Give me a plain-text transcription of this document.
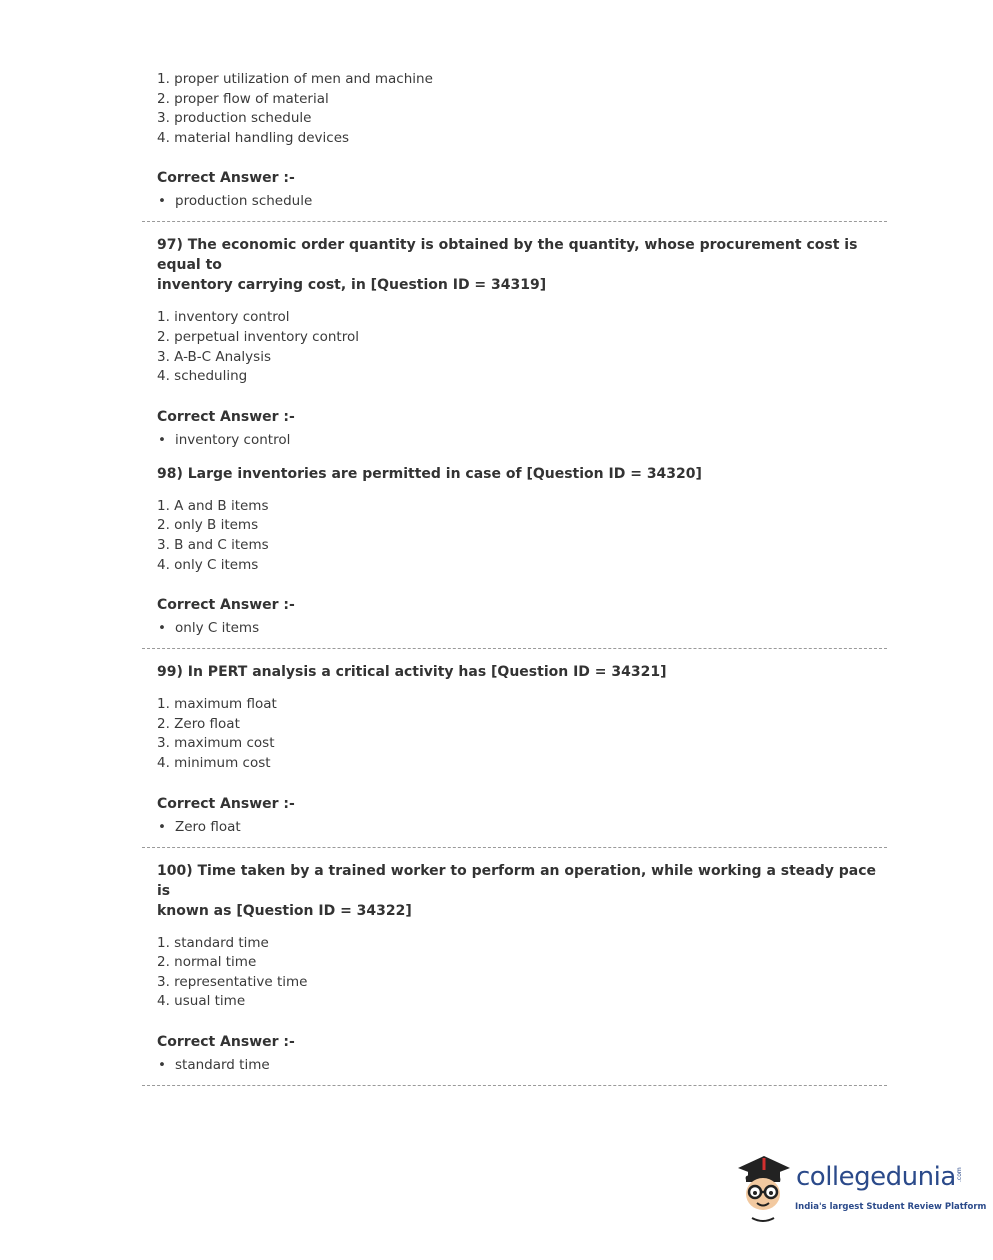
1. proper utilization of men and machine
2. proper flow of material
3. production schedule
4. material handling devices
Correct Answer :-
• production schedule
97) The economic order quantity is obtained by the quantity, whose procurement cost is equal to
inventory carrying cost, in [Question ID = 34319]
1. inventory control
2. perpetual inventory control
3. A-B-C Analysis
4. scheduling
Correct Answer :-
• inventory control
98) Large inventories are permitted in case of [Question ID = 34320]
1. A and B items
2. only B items
3. B and C items
4. only C items
Correct Answer :-
• only C items
99) In PERT analysis a critical activity has [Question ID = 34321]
1. maximum float
2. Zero float
3. maximum cost
4. minimum cost
Correct Answer :-
• Zero float
100) Time taken by a trained worker to perform an operation, while working a steady pace is
known as [Question ID = 34322]
1. standard time
2. normal time
3. representative time
4. usual time
Correct Answer :-
• standard time
collegedunia .com
India's largest Student Review Platform
